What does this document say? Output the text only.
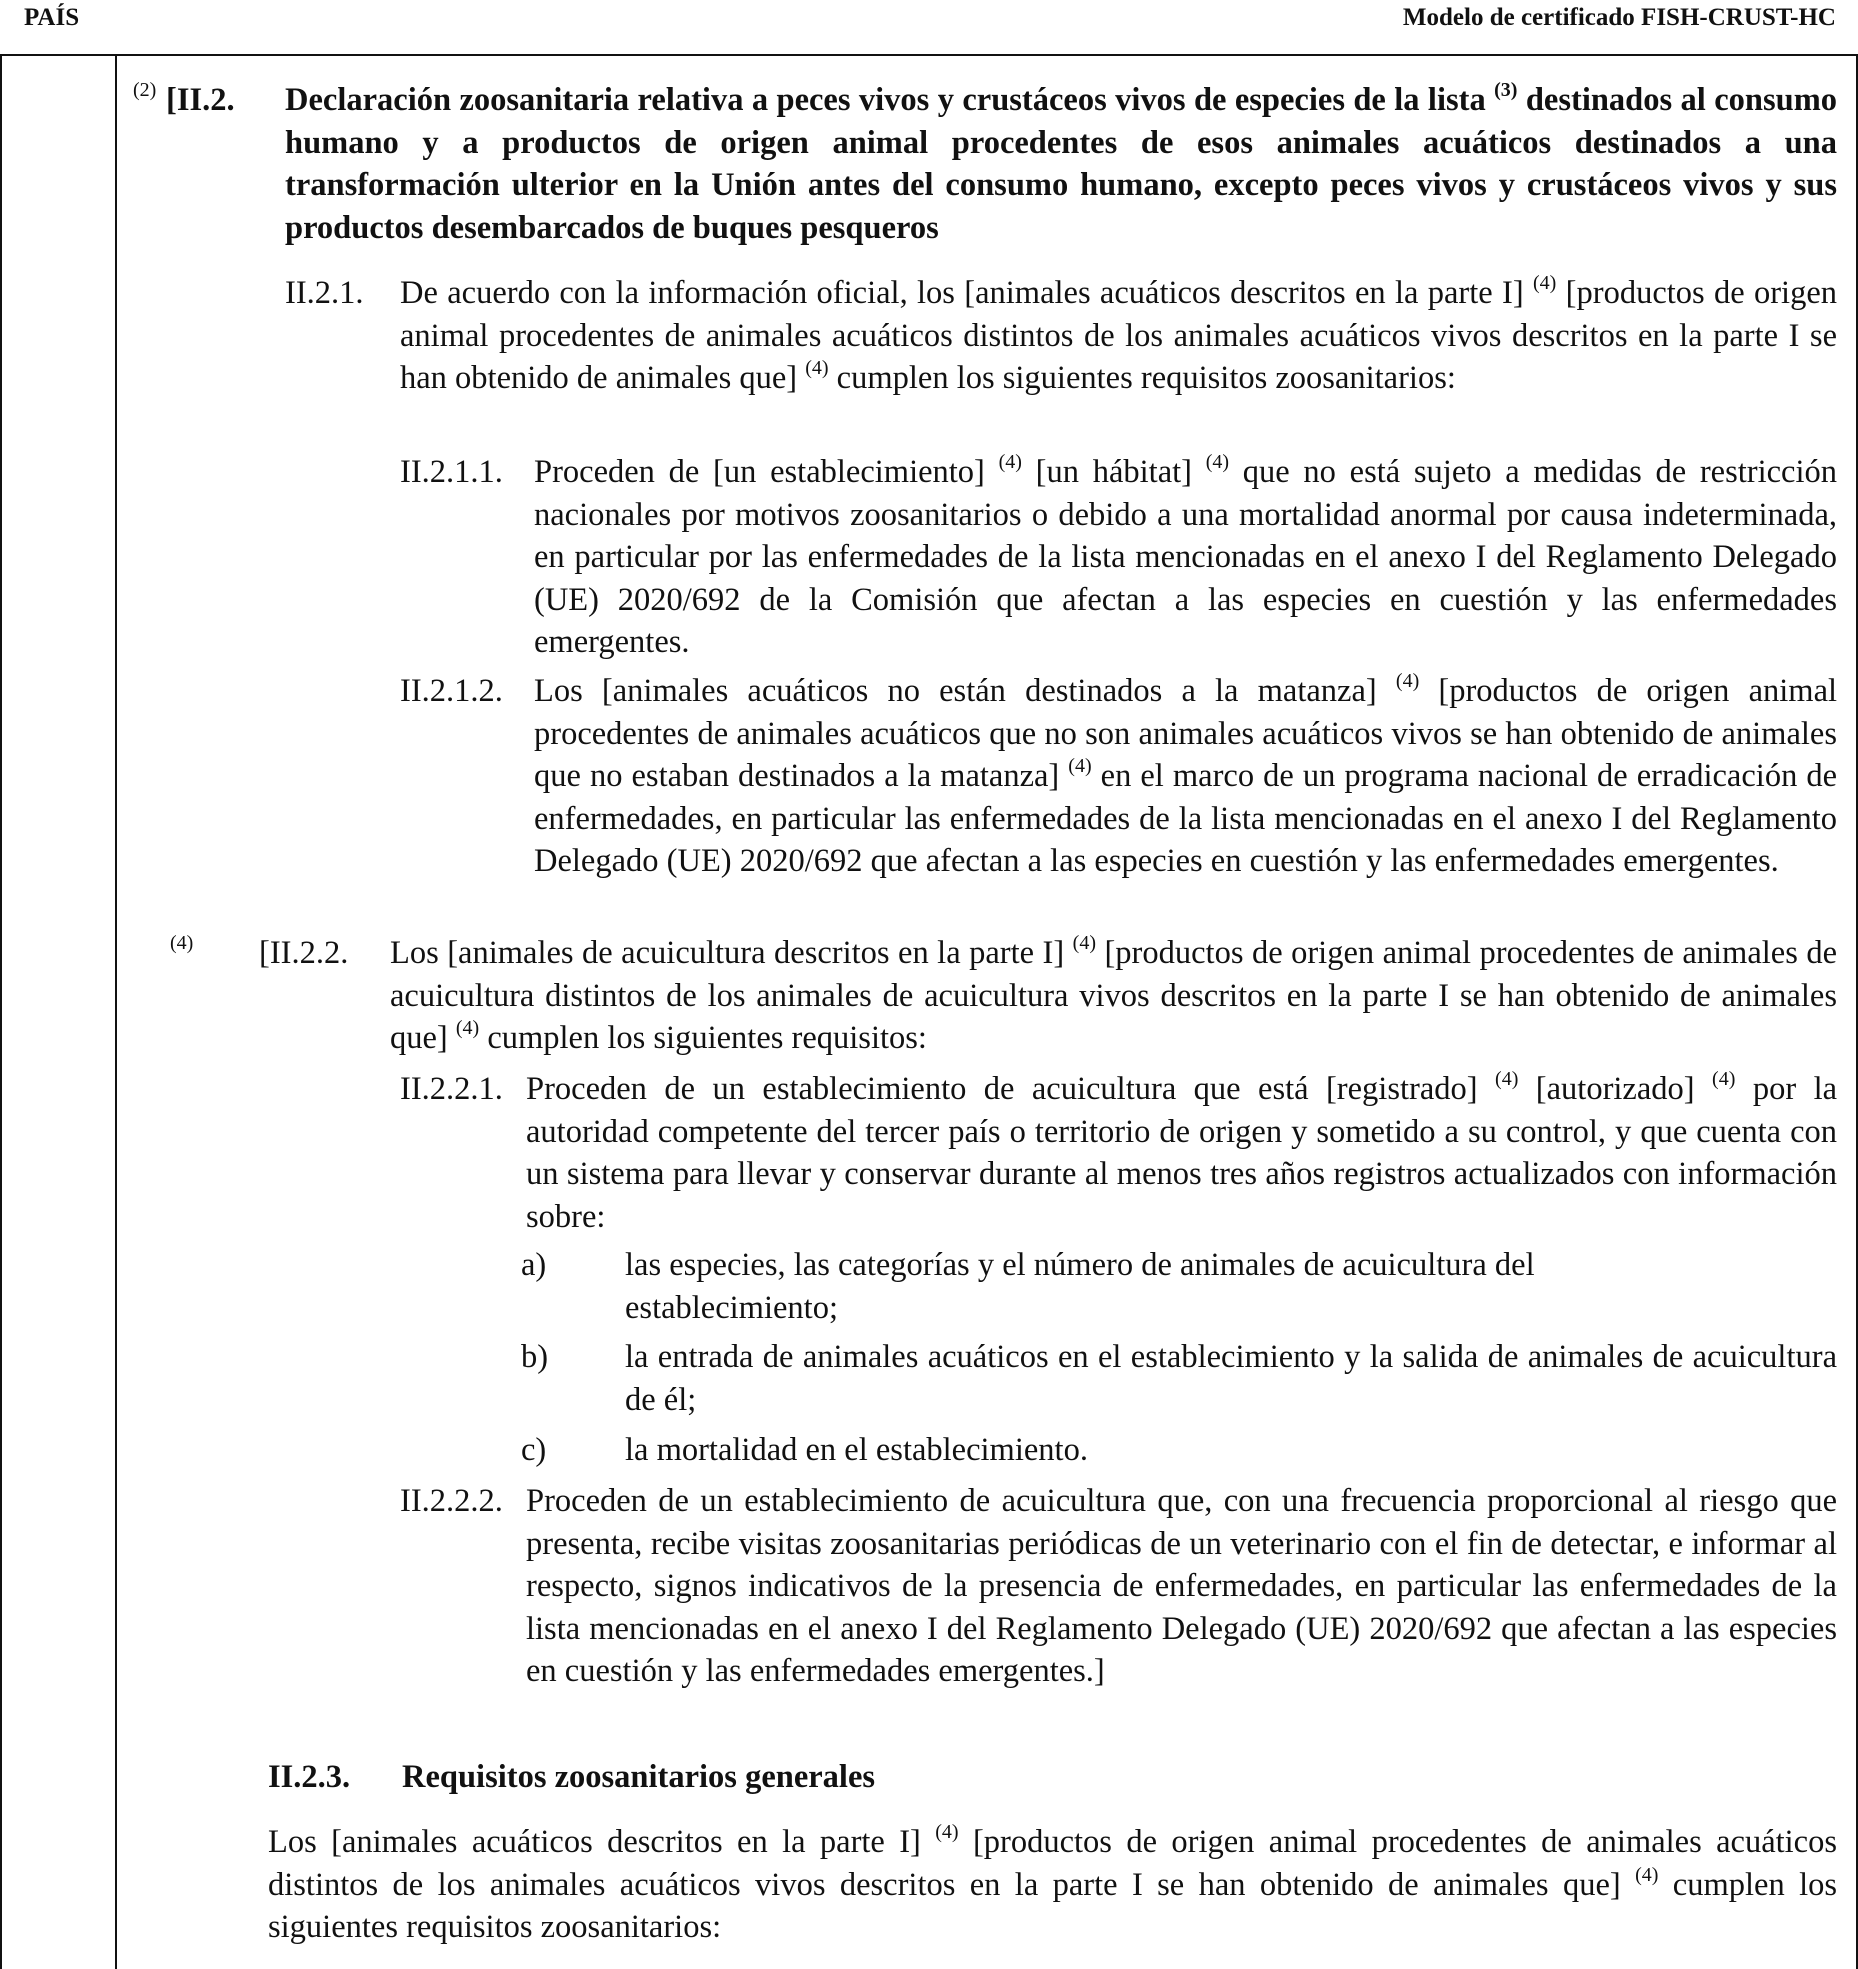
PAÍS	Modelo de certificado FISH-CRUST-HC
$^{(2)}$ [II.2. Declaración zoosanitaria relativa a peces vivos y crustáceos vivos de especies de la lista $^{(3)}$ destinados al consumo humano y a productos de origen animal procedentes de esos animales acuáticos destinados a una transformación ulterior en la Unión antes del consumo humano, excepto peces vivos y crustáceos vivos y sus productos desembarcados de buques pesqueros
II.2.1. De acuerdo con la información oficial, los [animales acuáticos descritos en la parte I] $^{(4)}$ [productos de origen animal procedentes de animales acuáticos distintos de los animales acuáticos vivos descritos en la parte I se han obtenido de animales que] $^{(4)}$ cumplen los siguientes requisitos zoosanitarios:
II.2.1.1. Proceden de [un establecimiento] $^{(4)}$ [un hábitat] $^{(4)}$ que no está sujeto a medidas de restricción nacionales por motivos zoosanitarios o debido a una mortalidad anormal por causa indeterminada, en particular por las enfermedades de la lista mencionadas en el anexo I del Reglamento Delegado (UE) 2020/692 de la Comisión que afectan a las especies en cuestión y las enfermedades emergentes.
II.2.1.2. Los [animales acuáticos no están destinados a la matanza] $^{(4)}$ [productos de origen animal procedentes de animales acuáticos que no son animales acuáticos vivos se han obtenido de animales que no estaban destinados a la matanza] $^{(4)}$ en el marco de un programa nacional de erradicación de enfermedades, en particular las enfermedades de la lista mencionadas en el anexo I del Reglamento Delegado (UE) 2020/692 que afectan a las especies en cuestión y las enfermedades emergentes.
$^{(4)}$ [II.2.2. Los [animales de acuicultura descritos en la parte I] $^{(4)}$ [productos de origen animal procedentes de animales de acuicultura distintos de los animales de acuicultura vivos descritos en la parte I se han obtenido de animales que] $^{(4)}$ cumplen los siguientes requisitos:
II.2.2.1. Proceden de un establecimiento de acuicultura que está [registrado] $^{(4)}$ [autorizado] $^{(4)}$ por la autoridad competente del tercer país o territorio de origen y sometido a su control, y que cuenta con un sistema para llevar y conservar durante al menos tres años registros actualizados con información sobre:
a) las especies, las categorías y el número de animales de acuicultura del establecimiento;
b) la entrada de animales acuáticos en el establecimiento y la salida de animales de acuicultura de él;
c) la mortalidad en el establecimiento.
II.2.2.2. Proceden de un establecimiento de acuicultura que, con una frecuencia proporcional al riesgo que presenta, recibe visitas zoosanitarias periódicas de un veterinario con el fin de detectar, e informar al respecto, signos indicativos de la presencia de enfermedades, en particular las enfermedades de la lista mencionadas en el anexo I del Reglamento Delegado (UE) 2020/692 que afectan a las especies en cuestión y las enfermedades emergentes.]
II.2.3. Requisitos zoosanitarios generales
Los [animales acuáticos descritos en la parte I] $^{(4)}$ [productos de origen animal procedentes de animales acuáticos distintos de los animales acuáticos vivos descritos en la parte I se han obtenido de animales que] $^{(4)}$ cumplen los siguientes requisitos zoosanitarios:
